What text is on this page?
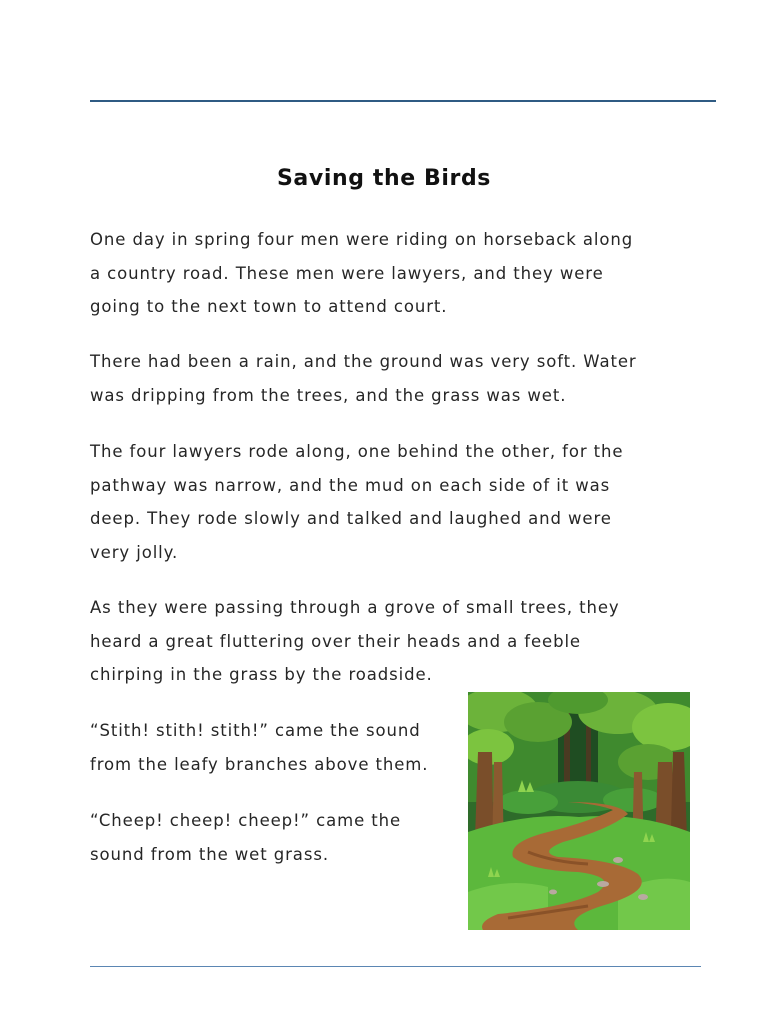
Saving the Birds

One day in spring four men were riding on horseback along
a country road. These men were lawyers, and they were
going to the next town to attend court.

There had been a rain, and the ground was very soft. Water
was dripping from the trees, and the grass was wet.

The four lawyers rode along, one behind the other, for the
pathway was narrow, and the mud on each side of it was
deep. They rode slowly and talked and laughed and were
very jolly.

As they were passing through a grove of small trees, they
heard a great fluttering over their heads and a feeble
chirping in the grass by the roadside.

“Stith! stith! stith!” came the sound
from the leafy branches above them.

“Cheep! cheep! cheep!” came the
sound from the wet grass.
